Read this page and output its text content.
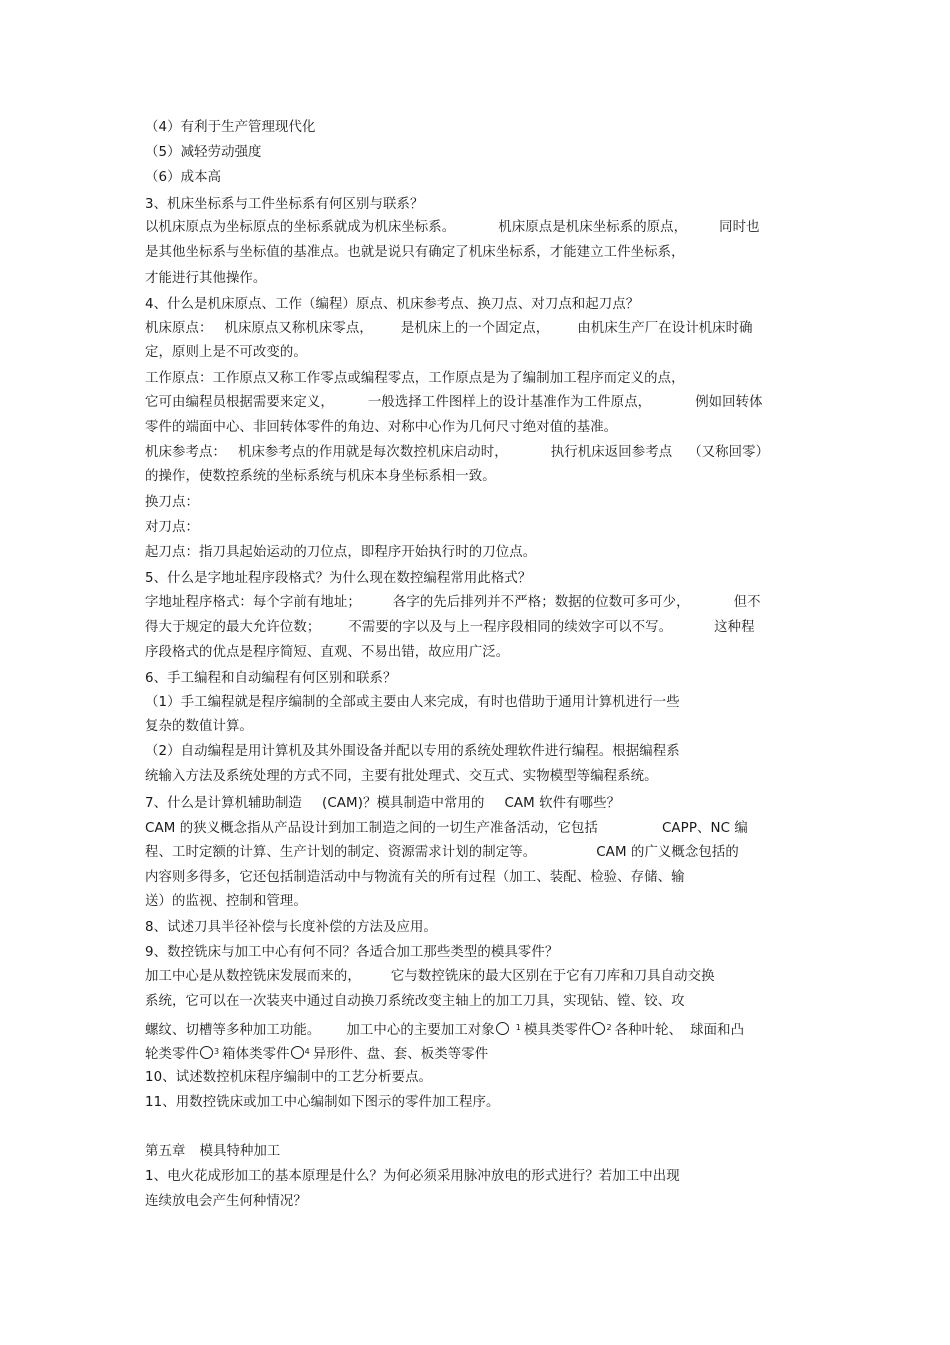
（4）有利于生产管理现代化
（5）减轻劳动强度
（6）成本高
3、机床坐标系与工件坐标系有何区别与联系？
以机床原点为坐标原点的坐标系就成为机床坐标系。	机床原点是机床坐标系的原点， 同时也
是其他坐标系与坐标值的基准点。也就是说只有确定了机床坐标系，才能建立工件坐标系，
才能进行其他操作。
4、什么是机床原点、工作（编程）原点、机床参考点、换刀点、对刀点和起刀点？
机床原点： 机床原点又称机床零点， 是机床上的一个固定点， 由机床生产厂在设计机床时确
定，原则上是不可改变的。
工作原点：工作原点又称工作零点或编程零点，工作原点是为了编制加工程序而定义的点，
它可由编程员根据需要来定义，	一般选择工件图样上的设计基准作为工件原点，	例如回转体
零件的端面中心、非回转体零件的角边、对称中心作为几何尺寸绝对值的基准。
机床参考点： 机床参考点的作用就是每次数控机床启动时，	执行机床返回参考点 （又称回零）
的操作，使数控系统的坐标系统与机床本身坐标系相一致。
换刀点：
对刀点：
起刀点：指刀具起始运动的刀位点，即程序开始执行时的刀位点。
5、什么是字地址程序段格式？为什么现在数控编程常用此格式？
字地址程序格式：每个字前有地址； 各字的先后排列并不严格；数据的位数可多可少，	但不
得大于规定的最大允许位数； 不需要的字以及与上一程序段相同的续效字可以不写。	这种程
序段格式的优点是程序简短、直观、不易出错，故应用广泛。
6、手工编程和自动编程有何区别和联系？
（1）手工编程就是程序编制的全部或主要由人来完成，有时也借助于通用计算机进行一些
复杂的数值计算。
（2）自动编程是用计算机及其外围设备并配以专用的系统处理软件进行编程。根据编程系
统输入方法及系统处理的方式不同，主要有批处理式、交互式、实物模型等编程系统。
7、什么是计算机辅助制造 (CAM)？模具制造中常用的 CAM 软件有哪些？
CAM 的狭义概念指从产品设计到加工制造之间的一切生产准备活动，它包括	CAPP、NC 编
程、工时定额的计算、生产计划的制定、资源需求计划的制定等。	CAM 的广义概念包括的
内容则多得多，它还包括制造活动中与物流有关的所有过程（加工、装配、检验、存储、输
送）的监视、控制和管理。
8、试述刀具半径补偿与长度补偿的方法及应用。
9、数控铣床与加工中心有何不同？各适合加工那些类型的模具零件？
加工中心是从数控铣床发展而来的， 它与数控铣床的最大区别在于它有刀库和刀具自动交换
系统，它可以在一次装夹中通过自动换刀系统改变主轴上的加工刀具，实现钻、镗、铰、攻
螺纹、切槽等多种加工功能。 加工中心的主要加工对象	$^1$ 模具类零件 $^2$ 各种叶轮、 球面和凸
轮类零件 $^3$ 箱体类零件 $^4$ 异形件、盘、套、板类等零件
10、试述数控机床程序编制中的工艺分析要点。
11、用数控铣床或加工中心编制如下图示的零件加工程序。
第五章 模具特种加工
1、电火花成形加工的基本原理是什么？为何必须采用脉冲放电的形式进行？若加工中出现
连续放电会产生何种情况？
